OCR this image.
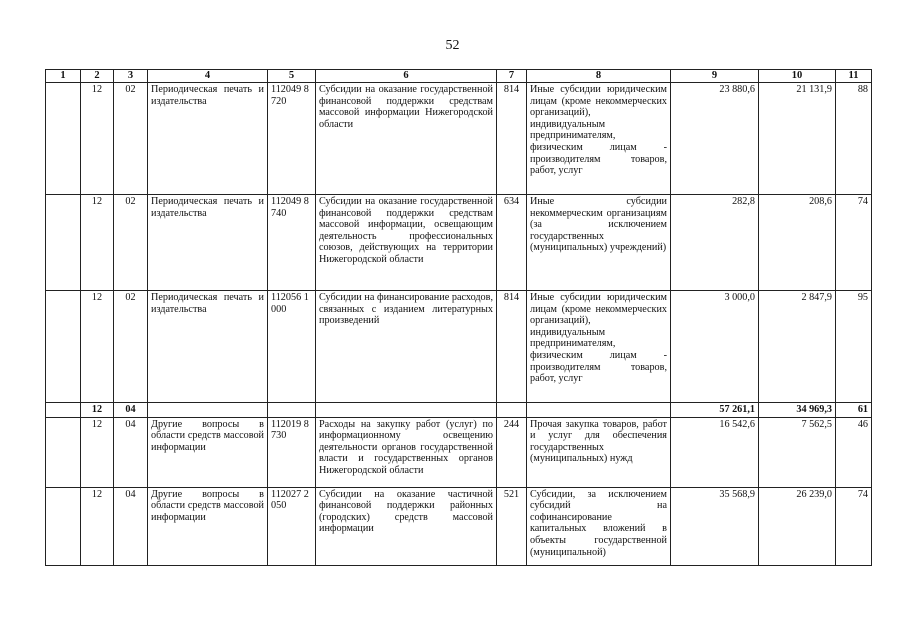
52
1	2	3	4	5	6	7	8	9	10	11
	12	02	Периодическая печать и издательства	112049 8720	Субсидии на оказание государственной финансовой поддержки средствам массовой информации Нижегородской области	814	Иные субсидии юридическим лицам (кроме некоммерческих организаций), индивидуальным предпринимателям, физическим лицам - производителям товаров, работ, услуг	23 880,6	21 131,9	88
	12	02	Периодическая печать и издательства	112049 8740	Субсидии на оказание государственной финансовой поддержки средствам массовой информации, освещающим деятельность профессиональных союзов, действующих на территории Нижегородской области	634	Иные субсидии некоммерческим организациям (за исключением государственных (муниципальных) учреждений)	282,8	208,6	74
	12	02	Периодическая печать и издательства	112056 1000	Субсидии на финансирование расходов, связанных с изданием литературных произведений	814	Иные субсидии юридическим лицам (кроме некоммерческих организаций), индивидуальным предпринимателям, физическим лицам - производителям товаров, работ, услуг	3 000,0	2 847,9	95
	12	04						57 261,1	34 969,3	61
	12	04	Другие вопросы в области средств массовой информации	112019 8730	Расходы на закупку работ (услуг) по информационному освещению деятельности органов государственной власти и государственных органов Нижегородской области	244	Прочая закупка товаров, работ и услуг для обеспечения государственных (муниципальных) нужд	16 542,6	7 562,5	46
	12	04	Другие вопросы в области средств массовой информации	112027 2050	Субсидии на оказание частичной финансовой поддержки районных (городских) средств массовой информации	521	Субсидии, за исключением субсидий на софинансирование капитальных вложений в объекты государственной (муниципальной)	35 568,9	26 239,0	74
